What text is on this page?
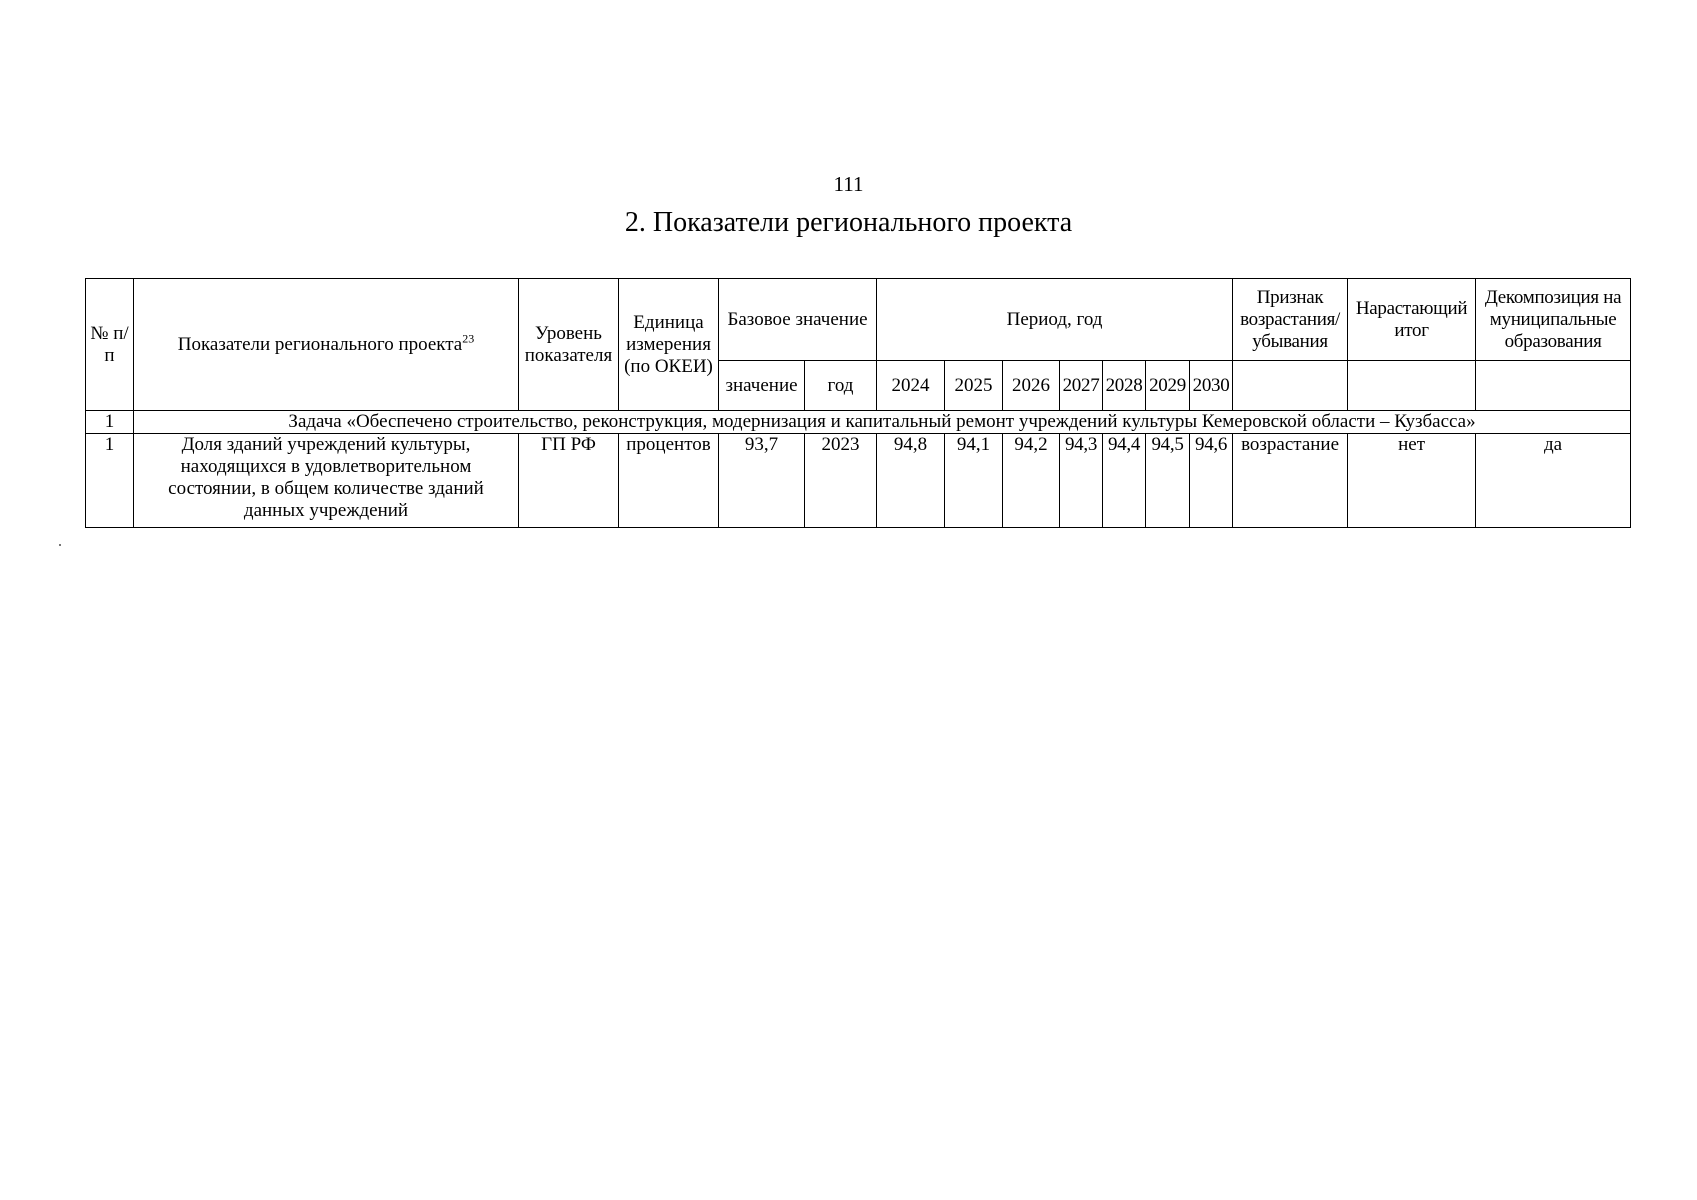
111
2. Показатели регионального проекта
№ п/п	Показатели регионального проекта$^{23}$	Уровень показателя	Единица измерения (по ОКЕИ)	Базовое значение		Период, год							Признак возрастания/ убывания	Нарастающий итог	Декомпозиция на муниципальные образования
				значение	год	2024	2025	2026	2027	2028	2029	2030			
1	Задача «Обеспечено строительство, реконструкция, модернизация и капитальный ремонт учреждений культуры Кемеровской области – Кузбасса»														
1	Доля зданий учреждений культуры, находящихся в удовлетворительном состоянии, в общем количестве зданий данных учреждений	ГП РФ	процентов	93,7	2023	94,8	94,1	94,2	94,3	94,4	94,5	94,6	возрастание	нет	да
